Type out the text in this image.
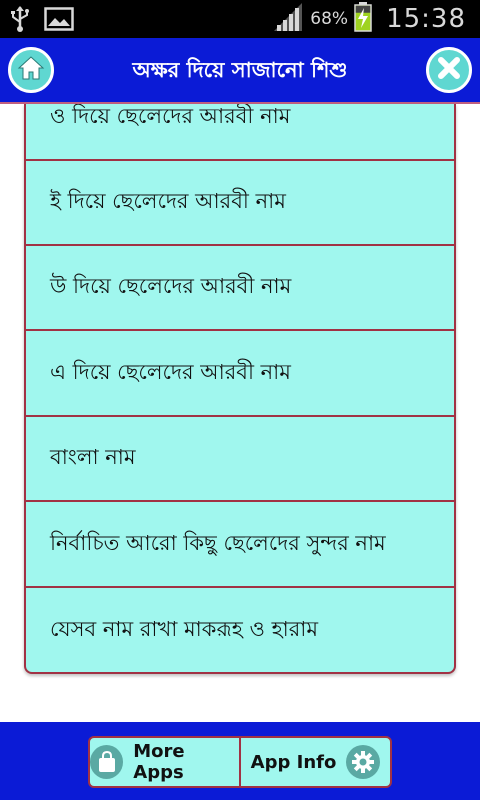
68% 15:38
অক্ষর দিয়ে সাজানো শিশু
ও দিয়ে ছেলেদের আরবী নাম
ই দিয়ে ছেলেদের আরবী নাম
উ দিয়ে ছেলেদের আরবী নাম
এ দিয়ে ছেলেদের আরবী নাম
বাংলা নাম
নির্বাচিত আরো কিছু ছেলেদের সুন্দর নাম
যেসব নাম রাখা মাকরূহ ও হারাম
More Apps	App Info
